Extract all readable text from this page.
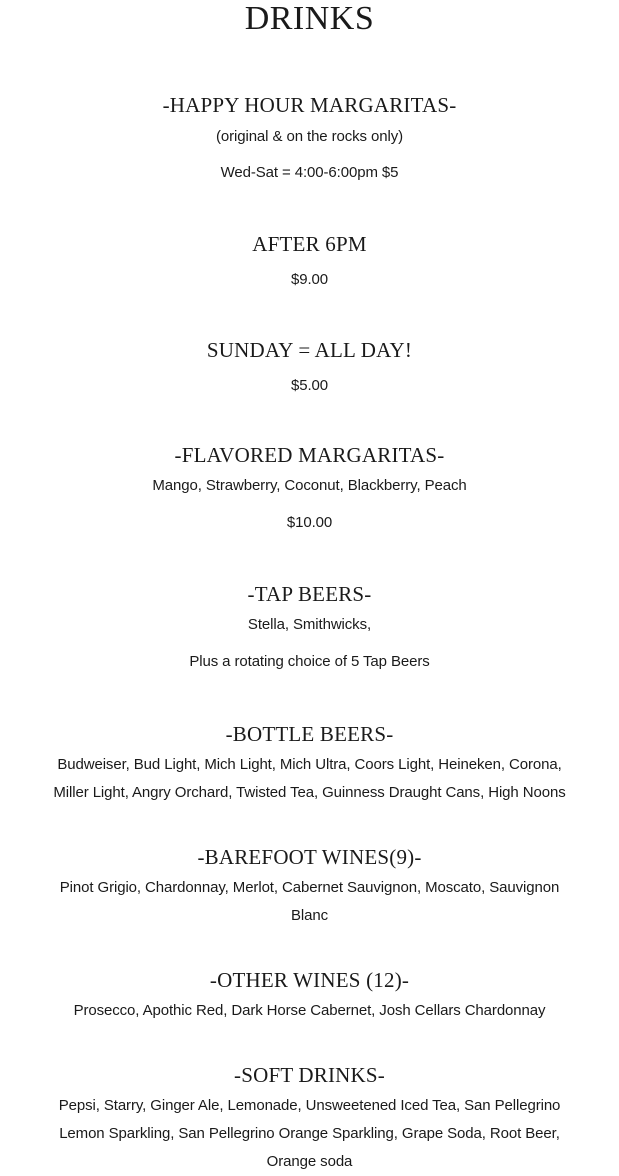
DRINKS
-HAPPY HOUR MARGARITAS-

(original & on the rocks only)

Wed-Sat = 4:00-6:00pm $5

AFTER 6PM

$9.00

SUNDAY = ALL DAY!

$5.00

-FLAVORED MARGARITAS-

Mango, Strawberry, Coconut, Blackberry, Peach

$10.00

-TAP BEERS-

Stella, Smithwicks,

Plus a rotating choice of 5 Tap Beers

-BOTTLE BEERS-

Budweiser, Bud Light, Mich Light, Mich Ultra, Coors Light, Heineken, Corona,

Miller Light, Angry Orchard, Twisted Tea, Guinness Draught Cans, High Noons

-BAREFOOT WINES(9)-

Pinot Grigio, Chardonnay, Merlot, Cabernet Sauvignon, Moscato, Sauvignon

Blanc

-OTHER WINES (12)-

Prosecco, Apothic Red, Dark Horse Cabernet, Josh Cellars Chardonnay

-SOFT DRINKS-

Pepsi, Starry, Ginger Ale, Lemonade, Unsweetened Iced Tea, San Pellegrino

Lemon Sparkling, San Pellegrino Orange Sparkling, Grape Soda, Root Beer,

Orange soda
